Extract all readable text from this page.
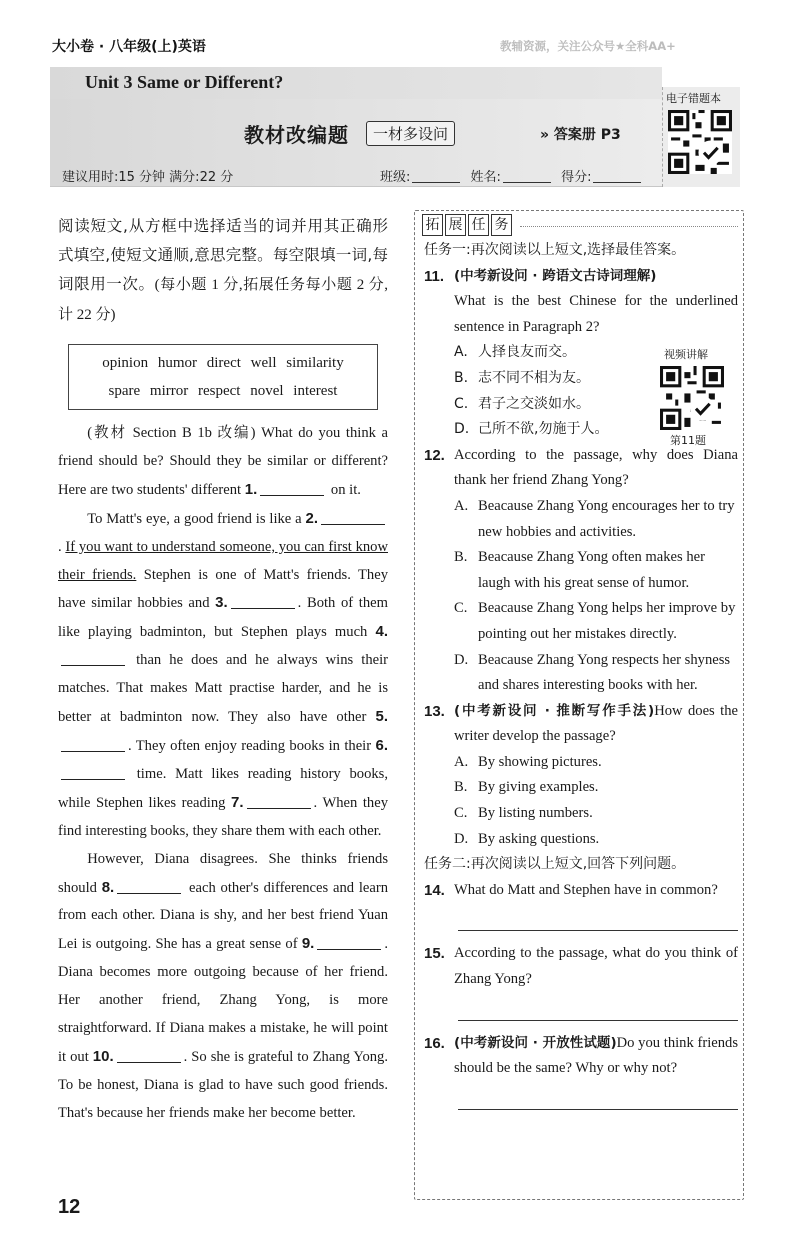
大小卷 · 八年级(上)英语	教辅资源，关注公众号★全科AA+
Unit 3 Same or Different?
教材改编题	一材多设问	» 答案册 P3
建议用时:15 分钟 满分:22 分	班级:	姓名:	得分:
电子错题本
阅读短文,从方框中选择适当的词并用其正确形式填空,使短文通顺,意思完整。每空限填一词,每词限用一次。(每小题 1 分,拓展任务每小题 2 分,计 22 分)
opinion humor direct well similarity
spare mirror respect novel interest

(教材 Section B 1b 改编) What do you think a friend should be? Should they be similar or different? Here are two students' different 1.	on it.

To Matt's eye, a good friend is like a 2.. If you want to understand someone, you can first know their friends. Stephen is one of Matt's friends. They have similar hobbies and 3.	. Both of them like playing badminton, but Stephen plays much 4. than he does and he always wins their matches. That makes Matt practise harder, and he is better at badminton now. They also have other 5.. They often enjoy reading books in their 6. time. Matt likes reading history books, while Stephen likes reading 7.	. When they find interesting books, they share them with each other.

However, Diana disagrees. She thinks friends should 8.	each other's differences and learn from each other. Diana is shy, and her best friend Yuan Lei is outgoing. She has a great sense of 9.	. Diana becomes more outgoing because of her friend. Her another friend, Zhang Yong, is more straightforward. If Diana makes a mistake, he will point it out 10.	. So she is grateful to Zhang Yong. To be honest, Diana is glad to have such good friends. That's because her friends make her become better.

拓 展 任 务
任务一:再次阅读以上短文,选择最佳答案。
11. (中考新设问 · 跨语文古诗词理解)
What is the best Chinese for the underlined sentence in Paragraph 2?
A. 人择良友而交。
B. 志不同不相为友。
C. 君子之交淡如水。
D. 己所不欲,勿施于人。
12. According to the passage, why does Diana thank her friend Zhang Yong?
A. Beacause Zhang Yong encourages her to try new hobbies and activities.
B. Beacause Zhang Yong often makes her laugh with his great sense of humor.
C. Beacause Zhang Yong helps her improve by pointing out her mistakes directly.
D. Beacause Zhang Yong respects her shyness and shares interesting books with her.
13. (中考新设问 · 推断写作手法)How does the writer develop the passage?
A. By showing pictures.
B. By giving examples.
C. By listing numbers.
D. By asking questions.
任务二:再次阅读以上短文,回答下列问题。
14. What do Matt and Stephen have in common?
15. According to the passage, what do you think of Zhang Yong?
16. (中考新设问 · 开放性试题)Do you think friends should be the same? Why or why not?
视频讲解
第11题
12
